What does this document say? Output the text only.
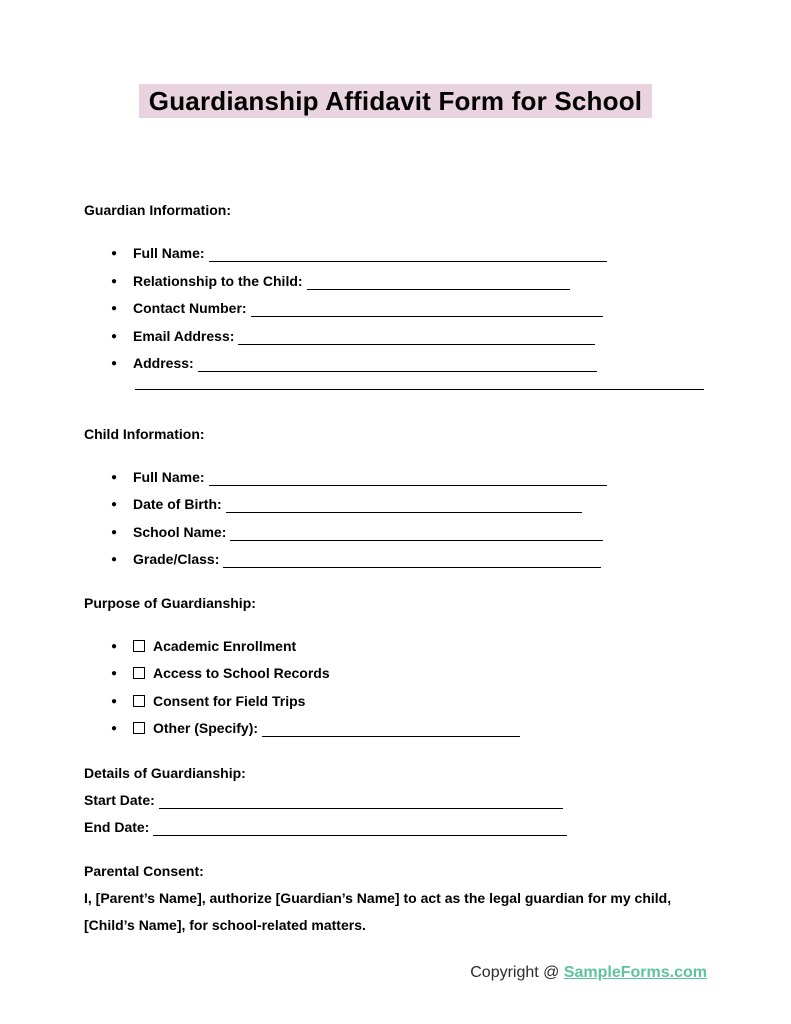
Guardianship Affidavit Form for School
Guardian Information:
● Full Name:
● Relationship to the Child:
● Contact Number:
● Email Address:
● Address:
Child Information:
● Full Name:
● Date of Birth:
● School Name:
● Grade/Class:
Purpose of Guardianship:
● Academic Enrollment
● Access to School Records
● Consent for Field Trips
● Other (Specify):
Details of Guardianship:
Start Date:
End Date:
Parental Consent:

I, [Parent’s Name], authorize [Guardian’s Name] to act as the legal guardian for my child, [Child’s Name], for school-related matters.

Copyright @ SampleForms.com
